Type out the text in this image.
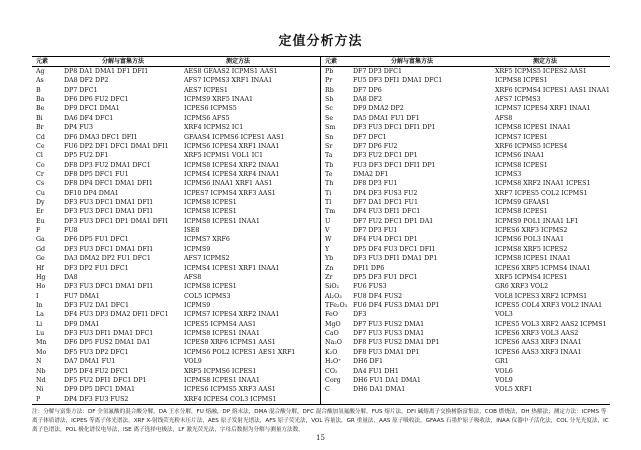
定值分析方法
元素	分解与富集方法	测定方法
Ag	DP8 DA1 DMA1 DF1 DFI1	AES8 GFAAS2 ICPMS1 AAS1
As	DA8 DF2 DP2	AFS7 ICPMS3 XRF1 INAA1
B	DP7 DFC1	AES7 ICPES1
Ba	DF6 DP6 FU2 DFC1	ICPMS9 XRF5 INAA1
Be	DF9 DFC1 DMA1	ICPES6 ICPMS5
Bi	DA6 DF4 DFC1	ICPMS6 AFS5
Br	DP4 FU3	XRF4 ICPMS2 IC1
Cd	DF6 DMA3 DFC1 DFI1	GFAAS4 ICPMS6 ICPES1 AAS1
Ce	FU6 DP2 DF1 DFC1 DMA1 DFI1	ICPMS6 ICPES4 XRF1 INAA1
Cl	DP5 FU2 DF1	XRF5 ICPMS1 VOL1 IC1
Co	DF8 DP3 FU2 DMA1 DFC1	ICPMS8 ICPES4 XRF2 INAA1
Cr	DF8 DP5 DFC1 FU1	ICPMS4 ICPES4 XRF4 INAA1
Cs	DF8 DP4 DFC1 DMA1 DFI1	ICPMS6 INAA1 XRF1 AAS1
Cu	DF10 DP4 DMA1	ICPES7 ICPMS4 XRF3 AAS1
Dy	DF3 FU3 DFC1 DMA1 DFI1	ICPMS8 ICPES1
Er	DF3 FU3 DFC1 DMA1 DFI1	ICPMS8 ICPES1
Eu	DF3 FU3 DFC1 DP1 DMA1 DFI1	ICPMS8 ICPES1 INAA1
F	FU8	ISE8
Ga	DF6 DP5 FU1 DFC1	ICPMS7 XRF6
Gd	DF3 FU3 DFC1 DMA1 DFI1	ICPMS9
Ge	DA3 DMA2 DP2 FU1 DFC1	AFS7 ICPMS2
Hf	DF3 DP2 FU1 DFC1	ICPMS4 ICPES1 XRF1 INAA1
Hg	DA8	AFS8
Ho	DF3 FU3 DFC1 DMA1 DFI1	ICPMS8 ICPES1
I	FU7 DMA1	COL5 ICPMS3
In	DF3 FU2 DA1 DFC1	ICPMS9
La	DF4 FU3 DP3 DMA2 DFI1 DFC1	ICPMS7 ICPES4 XRF2 INAA1
Li	DF9 DMA1	ICPES5 ICPMS4 AAS1
Lu	DF3 FU3 DFI1 DMA1 DFC1	ICPMS8 ICPES1 INAA1
Mn	DF6 DP5 FUS2 DMA1 DA1	ICPES8 XRF6 ICPMS1 AAS1
Mo	DF5 FU3 DP2 DFC1	ICPMS6 POL2 ICPES1 AES1 XRF1
N	DA7 DMA1 FU1	VOL9
Nb	DP5 DF4 FU2 DFC1	XRF5 ICPMS6 ICPES1
Nd	DF5 FU2 DFI1 DFC1 DP1	ICPMS8 ICPES1 INAA1
Ni	DF9 DP5 DFC1 DMA1	ICPES6 ICPMS5 XRF3 AAS1
P	DP4 DF3 FU3 FUS2	XRF4 ICPES4 COL3 ICPMS1
元素	分解与富集方法	测定方法
Pb	DF7 DP3 DFC1	XRF5 ICPMS5 ICPES2 AAS1
Pr	FU5 DF3 DFI1 DMA1 DFC1	ICPMS8 ICPES1
Rb	DF7 DP6	XRF6 ICPMS4 ICPES1 AAS1 INAA1
Sb	DA8 DF2	AFS7 ICPMS3
Sc	DF9 DMA2 DP2	ICPMS7 ICPES4 XRF1 INAA1
Se	DA5 DMA1 FU1 DF1	AFS8
Sm	DF3 FU3 DFC1 DFI1 DP1	ICPMS8 ICPES1 INAA1
Sn	DF7 DFC1	ICPMS7 ICPES1
Sr	DF7 DP6 FU2	XRF6 ICPMS5 ICPES4
Ta	DF3 FU2 DFC1 DP1	ICPMS6 INAA1
Tb	FU3 DF3 DFC1 DFI1 DP1	ICPMS8 ICPES1
Te	DMA2 DF1	ICPMS3
Th	DF8 DP3 FU1	ICPMS8 XRF2 INAA1 ICPES1
Ti	DP4 DF3 FUS3 FU2	XRF7 ICPES5 COL2 ICPMS1
Tl	DF7 DA1 DFC1 FU1	ICPMS9 GFAAS1
Tm	DF4 FU3 DFI1 DFC1	ICPMS8 ICPES1
U	DF7 FU2 DFC1 DP1 DA1	ICPMS9 POL1 INAA1 LF1
V	DF7 DP3 FU1	ICPES6 XRF3 ICPMS2
W	DF4 FU4 DFC1 DP1	ICPMS6 POL3 INAA1
Y	DP5 DF4 FU3 DFC1 DFI1	ICPMS8 XRF5 ICPES2
Yb	DF3 FU3 DFI1 DMA1 DP1	ICPMS8 ICPES1 INAA1
Zn	DFI1 DP6	ICPES6 XRF5 ICPMS4 INAA1
Zr	DP5 DF3 FU1 DFC1	XRF5 ICPMS4 ICPES1
SiO₂	FU6 FUS3	GR6 XRF3 VOL2
Al₂O₃	FU8 DF4 FUS2	VOL8 ICPES3 XRF2 ICPMS1
TFe₂O₃ FU6 DF4 FUS3 DMA1 DP1	ICPES5 COL4 XRF3 VOL2 INAA1
FeO	DF3	VOL3
MgO	DF7 FU3 FUS2 DMA1	ICPES5 VOL3 XRF2 AAS2 ICPMS1
CaO	DF7 FU3 FUS3 DMA1	ICPES6 XRF3 VOL3 AAS2
Na₂O	DF8 FU3 FUS2 DMA1 DP1	ICPES6 AAS3 XRF3 INAA1
K₂O	DF8 FU3 DMA1 DP1	ICPES6 AAS3 XRF3 INAA1
H₂O⁺	DH6 DF1	GR1
CO₂	DA4 FU1 DH1	VOL6
Corg	DH6 FU1 DA1 DMA1	VOL9
C	DH6 DA1 DMA1	VOL5 XRF1
注：分解与富集方法：DF 全氢氟酸的混合酸分解，DA 王水分解，FU 熔融，DP 熔末法，DMA 混合酸分解，DFC 混合酸加氢氟酸分解，FUS 熔片法，DFI 碱熔离子交换树脂富集法，COB 燃烧法，DH 热解法；测定方法：ICPMS 等离子体质谱法，ICPES 等离子体光谱法，XRF X-射线荧光粉末压片法，AES 原子发射光谱法，AFS 原子荧光法，VOL 容量法，GR 重量法，AAS 原子吸收法，GFAAS 石墨炉原子吸收法，INAA 仪器中子活化法，COL 分光光度法，IC 离子色谱法，POL 极化谱仪电导法，ISE 离子选择电极法，LF 激光荧光法，字母后数据为分解与测量方法数。
15
